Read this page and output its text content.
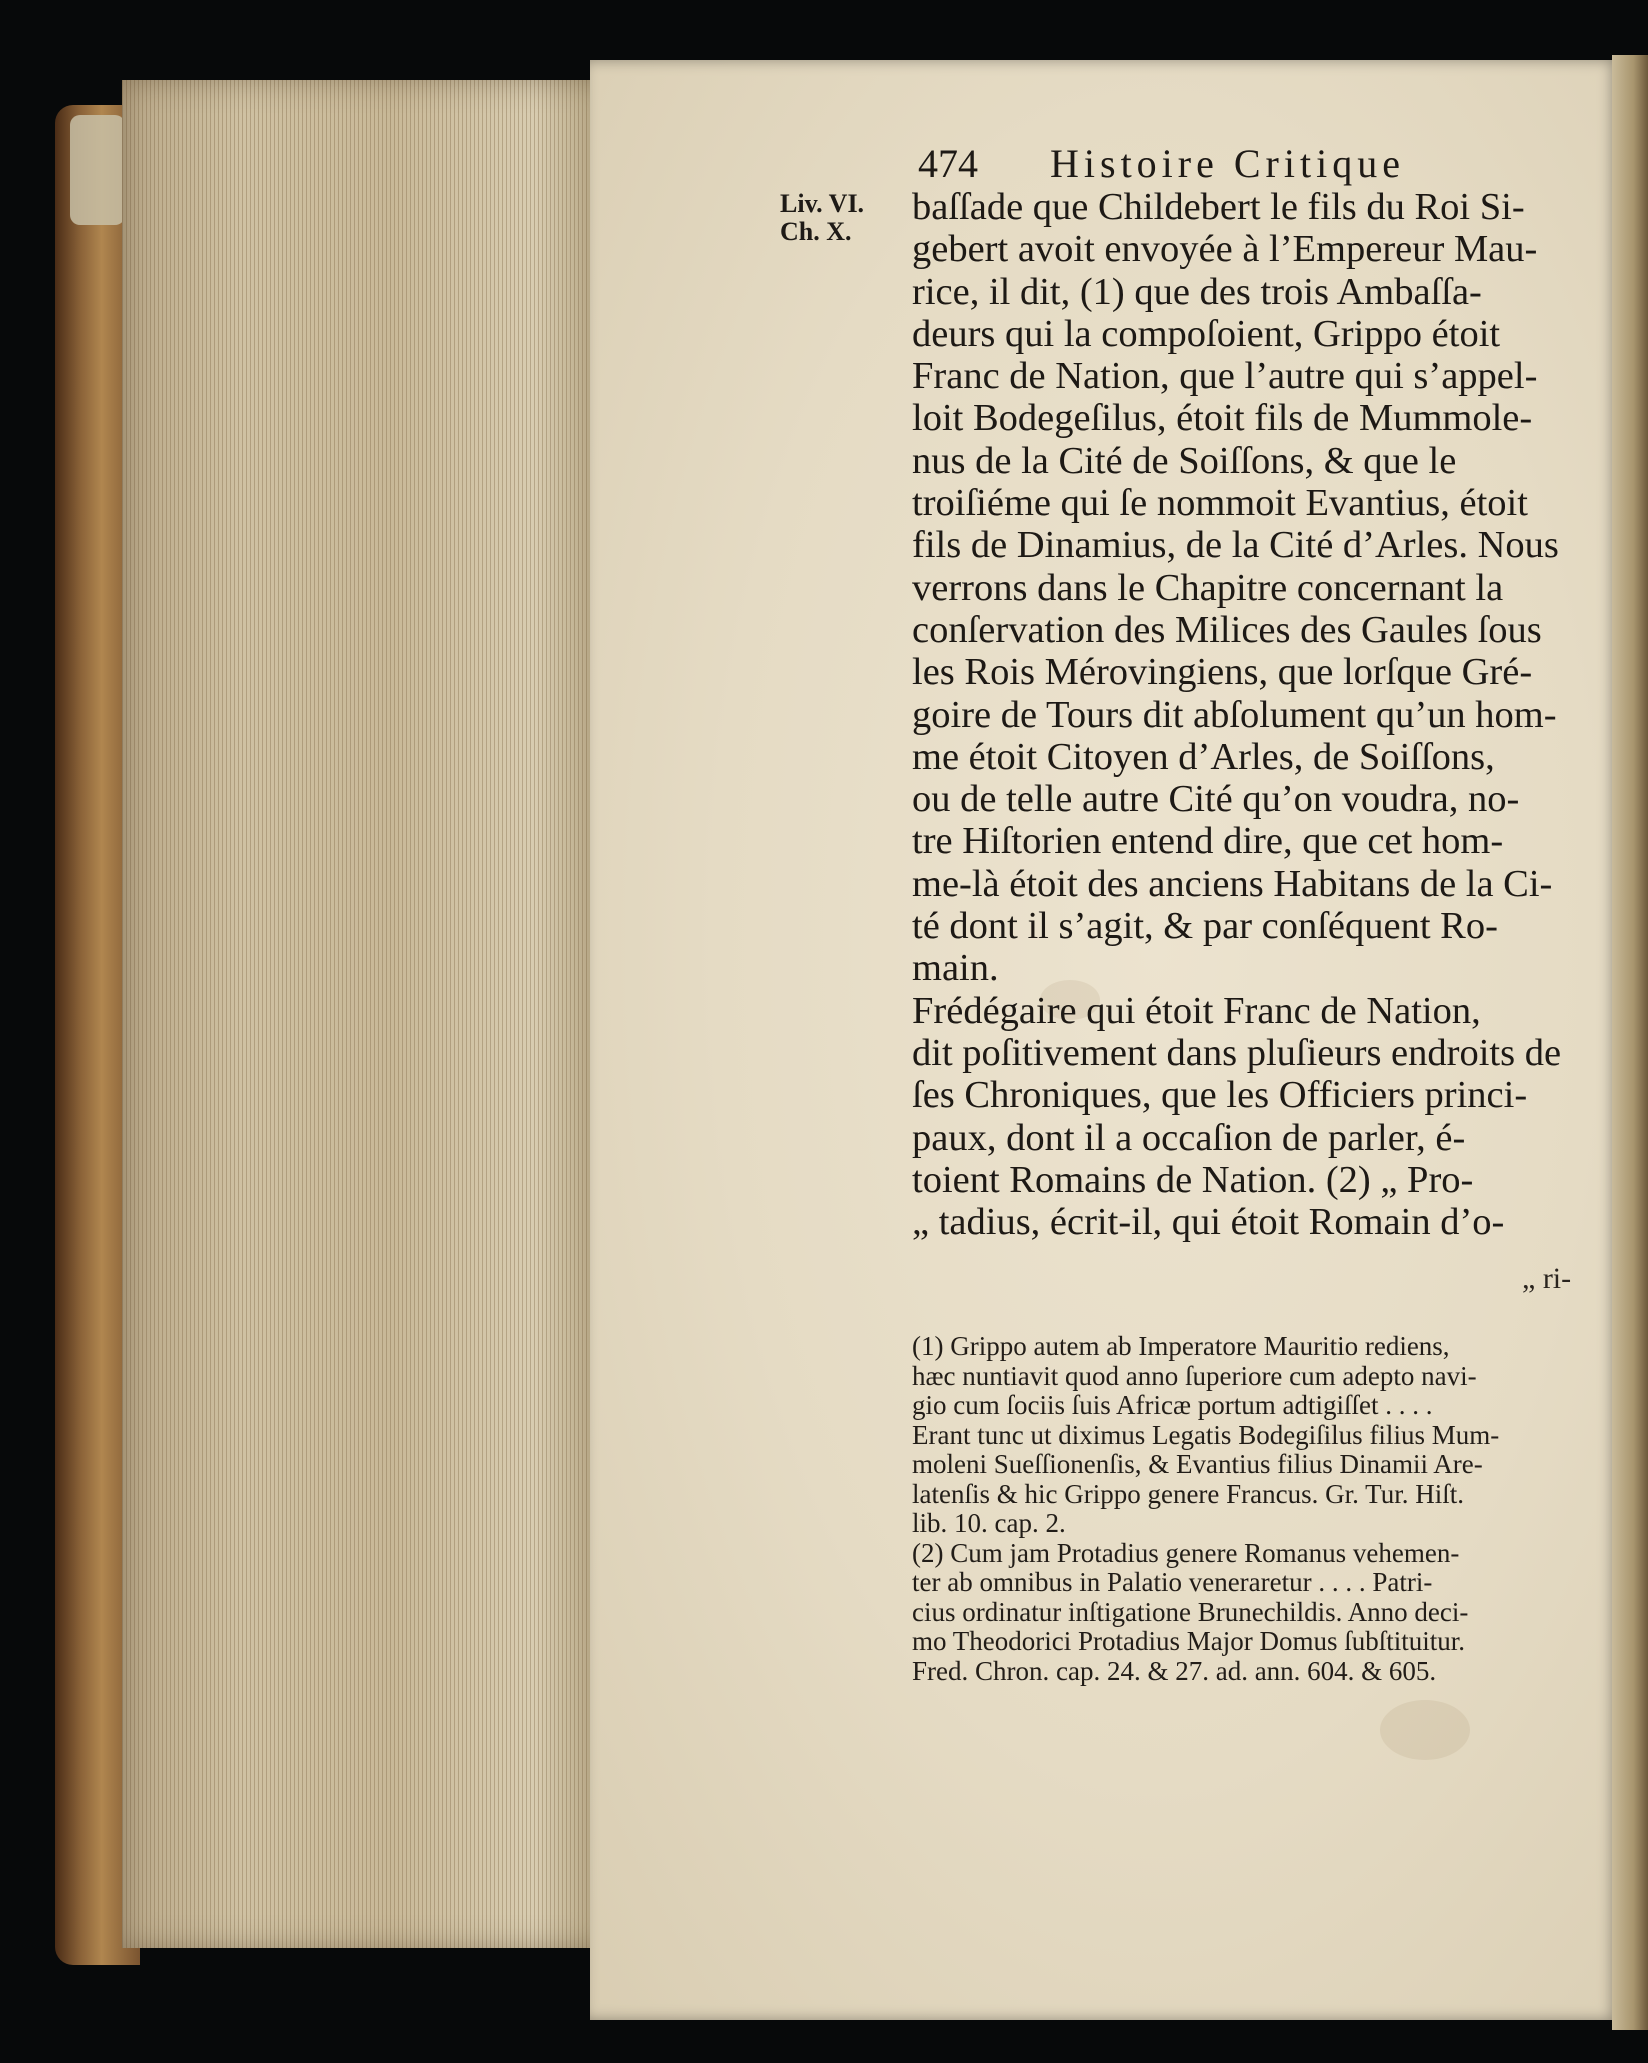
474 Histoire Critique
Liv. VI.
Ch. X.
baſſade que Childebert le fils du Roi Si-
gebert avoit envoyée à l’Empereur Mau-
rice, il dit, (1) que des trois Ambaſſa-
deurs qui la compoſoient, Grippo étoit
Franc de Nation, que l’autre qui s’appel-
loit Bodegeſilus, étoit fils de Mummole-
nus de la Cité de Soiſſons, & que le
troiſiéme qui ſe nommoit Evantius, étoit
fils de Dinamius, de la Cité d’Arles. Nous
verrons dans le Chapitre concernant la
conſervation des Milices des Gaules ſous
les Rois Mérovingiens, que lorſque Gré-
goire de Tours dit abſolument qu’un hom-
me étoit Citoyen d’Arles, de Soiſſons,
ou de telle autre Cité qu’on voudra, no-
tre Hiſtorien entend dire, que cet hom-
me-là étoit des anciens Habitans de la Ci-
té dont il s’agit, & par conſéquent Ro-
main.
Frédégaire qui étoit Franc de Nation,
dit poſitivement dans pluſieurs endroits de
ſes Chroniques, que les Officiers princi-
paux, dont il a occaſion de parler, é-
toient Romains de Nation. (2) „ Pro-
„ tadius, écrit-il, qui étoit Romain d’o-
„ ri-
(1) Grippo autem ab Imperatore Mauritio rediens,
hæc nuntiavit quod anno ſuperiore cum adepto navi-
gio cum ſociis ſuis Africæ portum adtigiſſet . . . .
Erant tunc ut diximus Legatis Bodegiſilus filius Mum-
moleni Sueſſionenſis, & Evantius filius Dinamii Are-
latenſis & hic Grippo genere Francus. Gr. Tur. Hiſt.
lib. 10. cap. 2.
(2) Cum jam Protadius genere Romanus vehemen-
ter ab omnibus in Palatio veneraretur . . . . Patri-
cius ordinatur inſtigatione Brunechildis. Anno deci-
mo Theodorici Protadius Major Domus ſubſtituitur.
Fred. Chron. cap. 24. & 27. ad. ann. 604. & 605.
